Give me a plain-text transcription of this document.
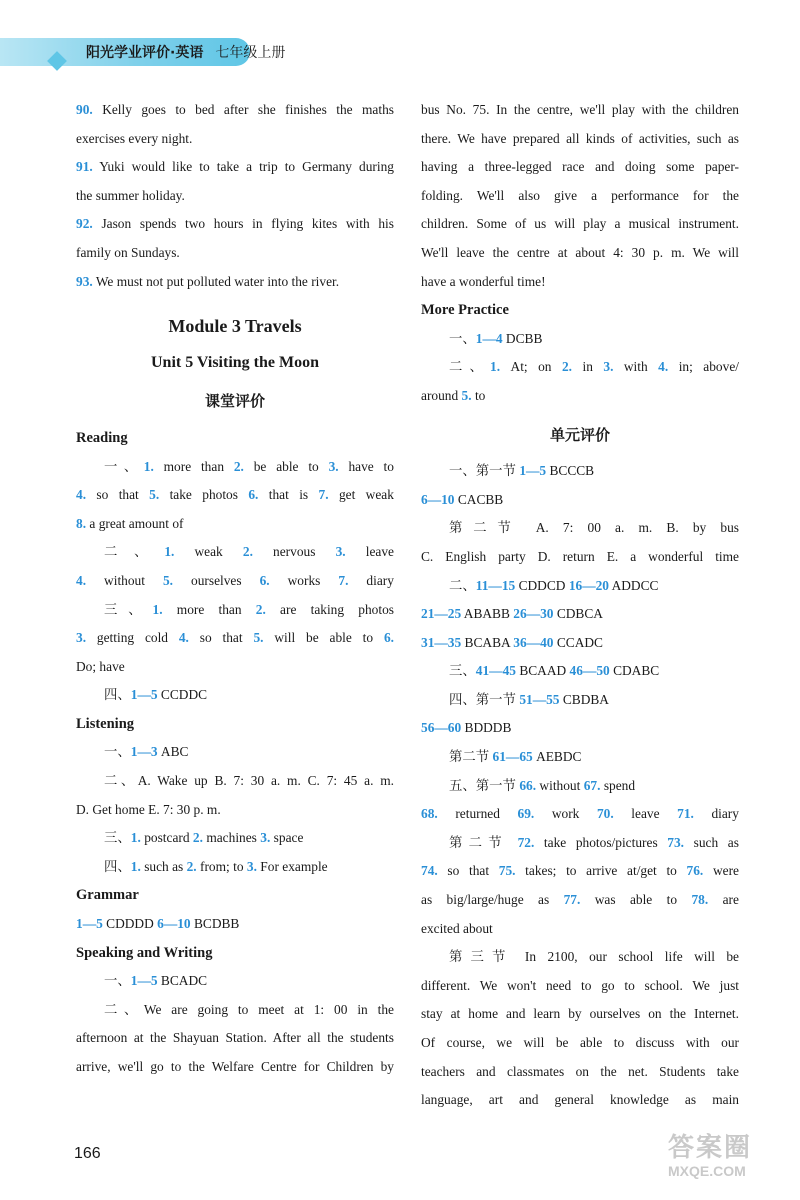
阳光学业评价·英语 七年级上册
90. Kelly goes to bed after she finishes the maths
exercises every night.
91. Yuki would like to take a trip to Germany during
the summer holiday.
92. Jason spends two hours in flying kites with his
family on Sundays.
93. We must not put polluted water into the river.
Module 3 Travels
Unit 5 Visiting the Moon
课堂评价
Reading
一、1. more than 2. be able to 3. have to
4. so that 5. take photos 6. that is 7. get weak
8. a great amount of
二、1. weak 2. nervous 3. leave
4. without 5. ourselves 6. works 7. diary
三、1. more than 2. are taking photos
3. getting cold 4. so that 5. will be able to 6.
Do; have
四、1—5 CCDDC
Listening
一、1—3 ABC
二、A. Wake up B. 7: 30 a. m. C. 7: 45 a. m.
D. Get home E. 7: 30 p. m.
三、1. postcard 2. machines 3. space
四、1. such as 2. from; to 3. For example
Grammar
1—5 CDDDD 6—10 BCDBB
Speaking and Writing
一、1—5 BCADC
二、We are going to meet at 1: 00 in the
afternoon at the Shayuan Station. After all the students
arrive, we'll go to the Welfare Centre for Children by
bus No. 75. In the centre, we'll play with the children
there. We have prepared all kinds of activities, such as
having a three-legged race and doing some paper-
folding. We'll also give a performance for the
children. Some of us will play a musical instrument.
We'll leave the centre at about 4: 30 p. m. We will
have a wonderful time!
More Practice
一、1—4 DCBB
二、1. At; on 2. in 3. with 4. in; above/
around 5. to
单元评价
一、第一节 1—5 BCCCB
6—10 CACBB
第二节 A. 7: 00 a. m. B. by bus
C. English party D. return E. a wonderful time
二、11—15 CDDCD 16—20 ADDCC
21—25 ABABB 26—30 CDBCA
31—35 BCABA 36—40 CCADC
三、41—45 BCAAD 46—50 CDABC
四、第一节 51—55 CBDBA
56—60 BDDDB
第二节 61—65 AEBDC
五、第一节 66. without 67. spend
68. returned 69. work 70. leave 71. diary
第二节 72. take photos/pictures 73. such as
74. so that 75. takes; to arrive at/get to 76. were
as big/large/huge as 77. was able to 78. are
excited about
第三节 In 2100, our school life will be
different. We won't need to go to school. We just
stay at home and learn by ourselves on the Internet.
Of course, we will be able to discuss with our
teachers and classmates on the net. Students take
language, art and general knowledge as main
166	答案圈
MXQE.COM
